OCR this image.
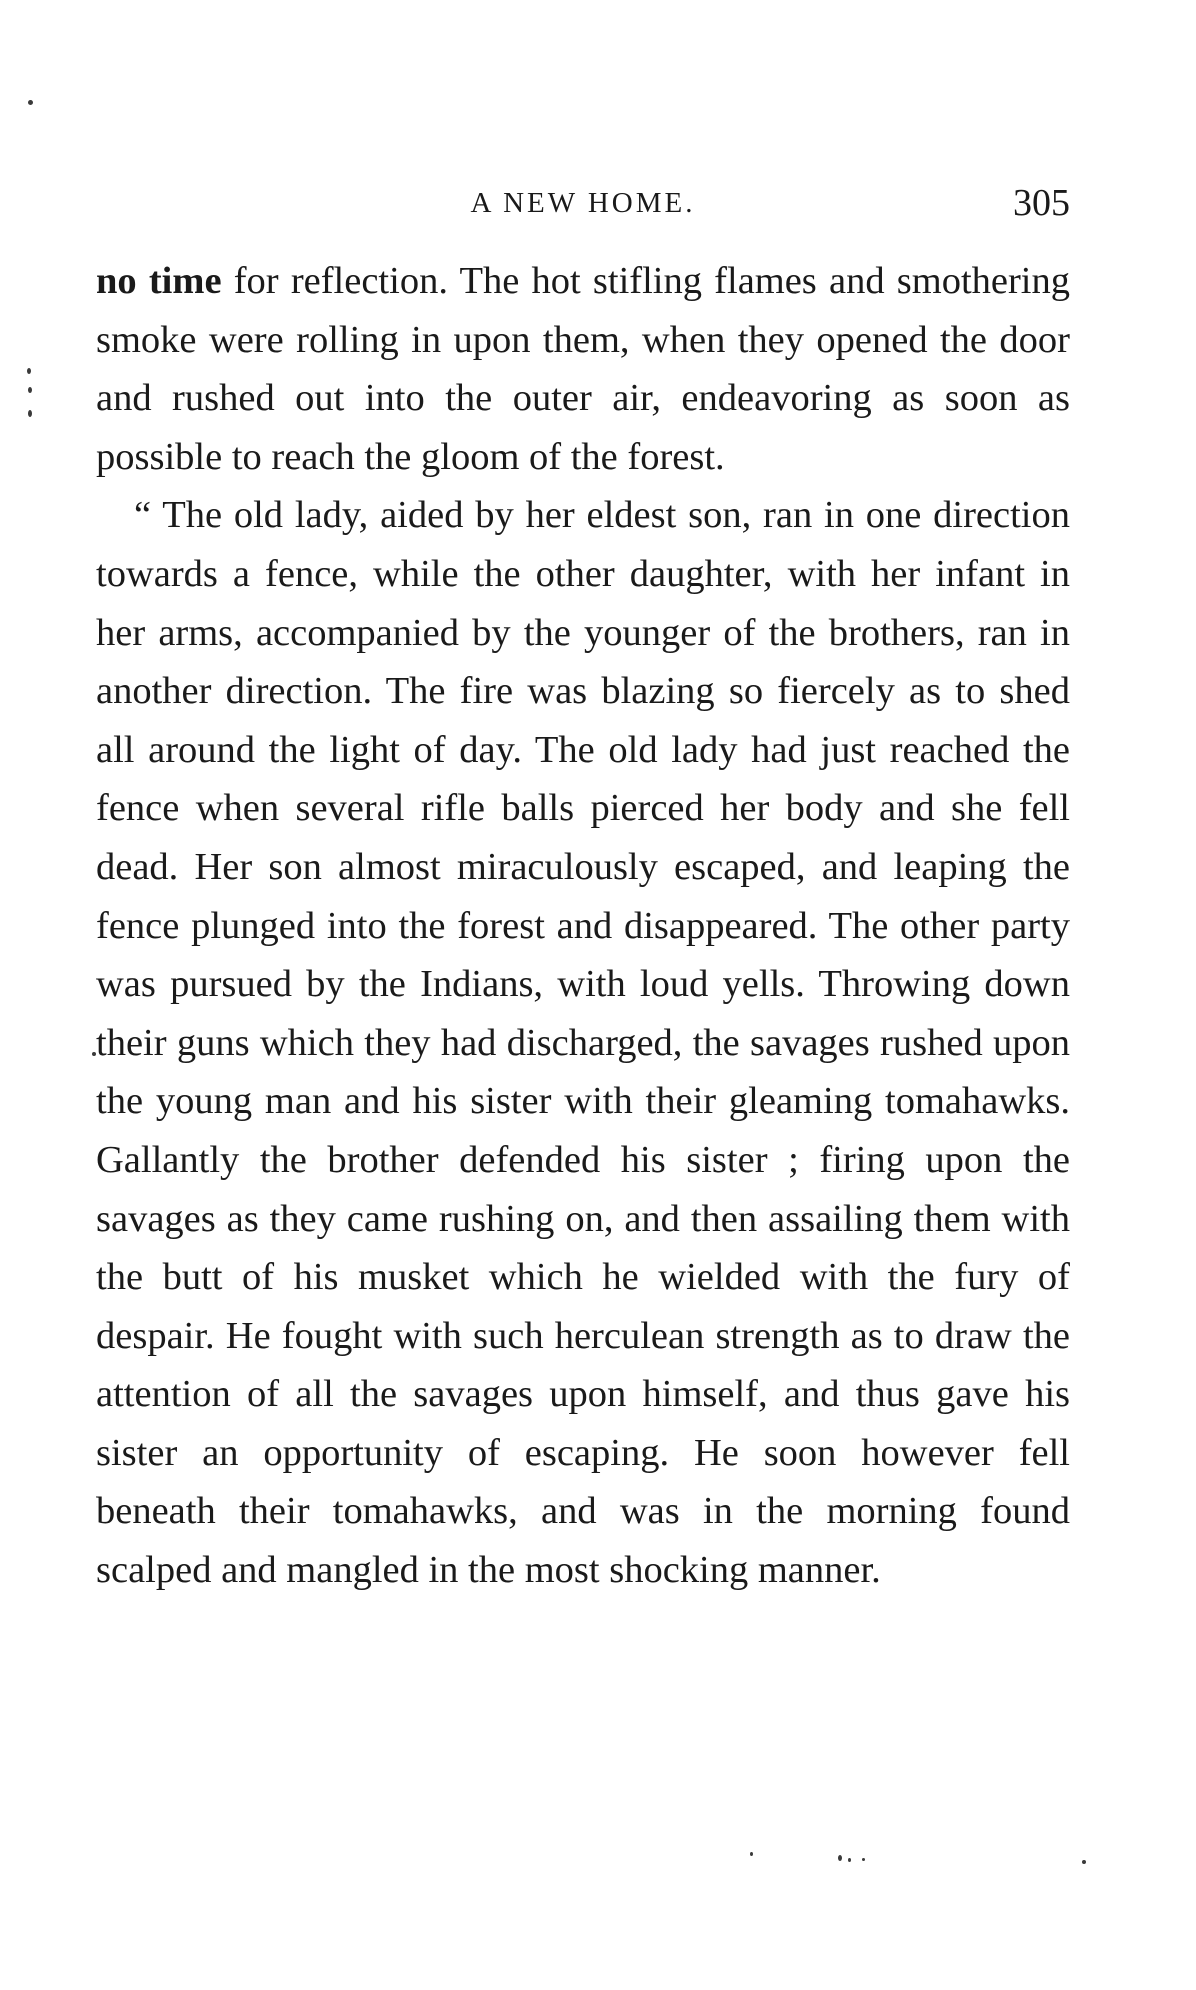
A NEW HOME.	305

no time for reflection. The hot stifling flames and smothering smoke were rolling in upon them, when they opened the door and rushed out into the outer air, endeavoring as soon as possible to reach the gloom of the forest.

“ The old lady, aided by her eldest son, ran in one direction towards a fence, while the other daughter, with her infant in her arms, accompanied by the younger of the brothers, ran in another direction. The fire was blazing so fiercely as to shed all around the light of day. The old lady had just reached the fence when several rifle balls pierced her body and she fell dead. Her son almost miraculously escaped, and leaping the fence plunged into the forest and disappeared. The other party was pursued by the Indians, with loud yells. Throwing down their guns which they had discharged, the savages rushed upon the young man and his sister with their gleaming tomahawks. Gallantly the brother defended his sister ; firing upon the savages as they came rushing on, and then assailing them with the butt of his musket which he wielded with the fury of despair. He fought with such herculean strength as to draw the attention of all the savages upon himself, and thus gave his sister an opportunity of escaping. He soon however fell beneath their tomahawks, and was in the morning found scalped and mangled in the most shocking manner.
